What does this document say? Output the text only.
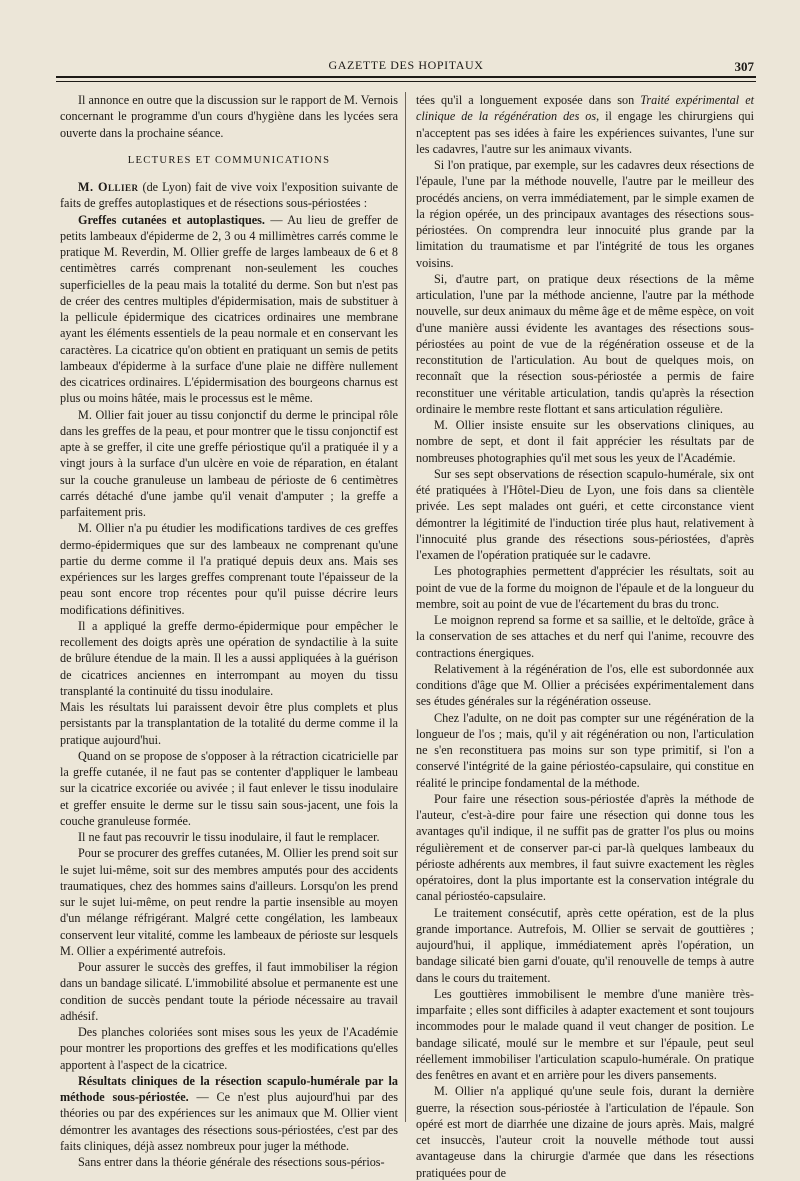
GAZETTE DES HOPITAUX	307

Il annonce en outre que la discussion sur le rapport de M. Vernois concernant le programme d'un cours d'hygiène dans les lycées sera ouverte dans la prochaine séance.

LECTURES ET COMMUNICATIONS

M. Ollier (de Lyon) fait de vive voix l'exposition suivante de faits de greffes autoplastiques et de résections sous-périostées :

Greffes cutanées et autoplastiques. — Au lieu de greffer de petits lambeaux d'épiderme de 2, 3 ou 4 millimètres carrés comme le pratique M. Reverdin, M. Ollier greffe de larges lambeaux de 6 et 8 centimètres carrés comprenant non-seulement les couches superficielles de la peau mais la totalité du derme. Son but n'est pas de créer des centres multiples d'épidermisation, mais de substituer à la pellicule épidermique des cicatrices ordinaires une membrane ayant les éléments essentiels de la peau normale et en conservant les caractères. La cicatrice qu'on obtient en pratiquant un semis de petits lambeaux d'épiderme à la surface d'une plaie ne diffère nullement des cicatrices ordinaires. L'épidermisation des bourgeons charnus est plus ou moins hâtée, mais le processus est le même.

M. Ollier fait jouer au tissu conjonctif du derme le principal rôle dans les greffes de la peau, et pour montrer que le tissu conjonctif est apte à se greffer, il cite une greffe périostique qu'il a pratiquée il y a vingt jours à la surface d'un ulcère en voie de réparation, en étalant sur la couche granuleuse un lambeau de périoste de 6 centimètres carrés détaché d'une jambe qu'il venait d'amputer ; la greffe a parfaitement pris.

M. Ollier n'a pu étudier les modifications tardives de ces greffes dermo-épidermiques que sur des lambeaux ne comprenant qu'une partie du derme comme il l'a pratiqué depuis deux ans. Mais ses expériences sur les larges greffes comprenant toute l'épaisseur de la peau sont encore trop récentes pour qu'il puisse décrire leurs modifications définitives.

Il a appliqué la greffe dermo-épidermique pour empêcher le recollement des doigts après une opération de syndactilie à la suite de brûlure étendue de la main. Il les a aussi appliquées à la guérison de cicatrices anciennes en interrompant au moyen du tissu transplanté la continuité du tissu inodulaire.

Mais les résultats lui paraissent devoir être plus complets et plus persistants par la transplantation de la totalité du derme comme il la pratique aujourd'hui.

Quand on se propose de s'opposer à la rétraction cicatricielle par la greffe cutanée, il ne faut pas se contenter d'appliquer le lambeau sur la cicatrice excoriée ou avivée ; il faut enlever le tissu inodulaire et greffer ensuite le derme sur le tissu sain sous-jacent, une fois la couche granuleuse formée.

Il ne faut pas recouvrir le tissu inodulaire, il faut le remplacer.

Pour se procurer des greffes cutanées, M. Ollier les prend soit sur le sujet lui-même, soit sur des membres amputés pour des accidents traumatiques, chez des hommes sains d'ailleurs. Lorsqu'on les prend sur le sujet lui-même, on peut rendre la partie insensible au moyen d'un mélange réfrigérant. Malgré cette congélation, les lambeaux conservent leur vitalité, comme les lambeaux de périoste sur lesquels M. Ollier a expérimenté autrefois.

Pour assurer le succès des greffes, il faut immobiliser la région dans un bandage silicaté. L'immobilité absolue et permanente est une condition de succès pendant toute la période nécessaire au travail adhésif.

Des planches coloriées sont mises sous les yeux de l'Académie pour montrer les proportions des greffes et les modifications qu'elles apportent à l'aspect de la cicatrice.

Résultats cliniques de la résection scapulo-humérale par la méthode sous-périostée. — Ce n'est plus aujourd'hui par des théories ou par des expériences sur les animaux que M. Ollier vient démontrer les avantages des résections sous-périostées, c'est par des faits cliniques, déjà assez nombreux pour juger la méthode.

Sans entrer dans la théorie générale des résections sous-périos-

tées qu'il a longuement exposée dans son Traité expérimental et clinique de la régénération des os, il engage les chirurgiens qui n'acceptent pas ses idées à faire les expériences suivantes, l'une sur les cadavres, l'autre sur les animaux vivants.

Si l'on pratique, par exemple, sur les cadavres deux résections de l'épaule, l'une par la méthode nouvelle, l'autre par le meilleur des procédés anciens, on verra immédiatement, par le simple examen de la région opérée, un des principaux avantages des résections sous-périostées. On comprendra leur innocuité plus grande par la limitation du traumatisme et par l'intégrité de tous les organes voisins.

Si, d'autre part, on pratique deux résections de la même articulation, l'une par la méthode ancienne, l'autre par la méthode nouvelle, sur deux animaux du même âge et de même espèce, on voit d'une manière aussi évidente les avantages des résections sous-périostées au point de vue de la régénération osseuse et de la reconstitution de l'articulation. Au bout de quelques mois, on reconnaît que la résection sous-périostée a permis de faire reconstituer une véritable articulation, tandis qu'après la résection ordinaire le membre reste flottant et sans articulation régulière.

M. Ollier insiste ensuite sur les observations cliniques, au nombre de sept, et dont il fait apprécier les résultats par de nombreuses photographies qu'il met sous les yeux de l'Académie.

Sur ses sept observations de résection scapulo-humérale, six ont été pratiquées à l'Hôtel-Dieu de Lyon, une fois dans sa clientèle privée. Les sept malades ont guéri, et cette circonstance vient démontrer la légitimité de l'induction tirée plus haut, relativement à l'innocuité plus grande des résections sous-périostées, d'après l'examen de l'opération pratiquée sur le cadavre.

Les photographies permettent d'apprécier les résultats, soit au point de vue de la forme du moignon de l'épaule et de la longueur du membre, soit au point de vue de l'écartement du bras du tronc.

Le moignon reprend sa forme et sa saillie, et le deltoïde, grâce à la conservation de ses attaches et du nerf qui l'anime, recouvre des contractions énergiques.

Relativement à la régénération de l'os, elle est subordonnée aux conditions d'âge que M. Ollier a précisées expérimentalement dans ses études générales sur la régénération osseuse.

Chez l'adulte, on ne doit pas compter sur une régénération de la longueur de l'os ; mais, qu'il y ait régénération ou non, l'articulation ne s'en reconstituera pas moins sur son type primitif, si l'on a conservé l'intégrité de la gaine périostéo-capsulaire, qui constitue en réalité le principe fondamental de la méthode.

Pour faire une résection sous-périostée d'après la méthode de l'auteur, c'est-à-dire pour faire une résection qui donne tous les avantages qu'il indique, il ne suffit pas de gratter l'os plus ou moins régulièrement et de conserver par-ci par-là quelques lambeaux du périoste adhérents aux membres, il faut suivre exactement les règles opératoires, dont la plus importante est la conservation intégrale du canal périostéo-capsulaire.

Le traitement consécutif, après cette opération, est de la plus grande importance. Autrefois, M. Ollier se servait de gouttières ; aujourd'hui, il applique, immédiatement après l'opération, un bandage silicaté bien garni d'ouate, qu'il renouvelle de temps à autre dans le cours du traitement.

Les gouttières immobilisent le membre d'une manière très-imparfaite ; elles sont difficiles à adapter exactement et sont toujours incommodes pour le malade quand il veut changer de position. Le bandage silicaté, moulé sur le membre et sur l'épaule, peut seul réellement immobiliser l'articulation scapulo-humérale. On pratique des fenêtres en avant et en arrière pour les divers pansements.

M. Ollier n'a appliqué qu'une seule fois, durant la dernière guerre, la résection sous-périostée à l'articulation de l'épaule. Son opéré est mort de diarrhée une dizaine de jours après. Mais, malgré cet insuccès, l'auteur croit la nouvelle méthode tout aussi avantageuse dans la chirurgie d'armée que dans les résections pratiquées pour de
